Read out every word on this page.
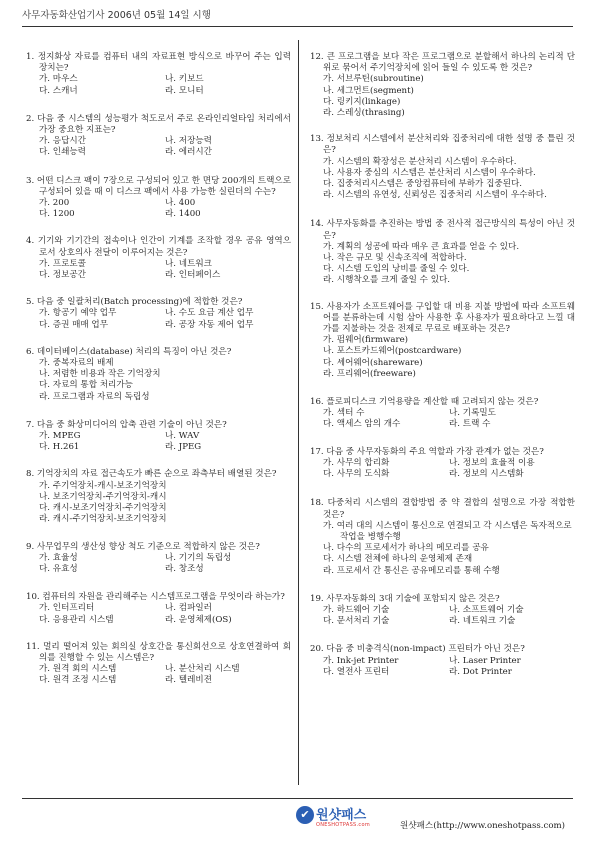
사무자동화산업기사 2006년 05월 14일 시행
1. 정지화상 자료를 컴퓨터 내의 자료표현 방식으로 바꾸어 주는 입력장치는?
가. 마우스	나. 키보드
다. 스캐너	라. 모니터
2. 다음 중 시스템의 성능평가 척도로서 주로 온라인리얼타임 처리에서 가장 중요한 지표는?
가. 응답시간	나. 저장능력
다. 인쇄능력	라. 에러시간
3. 어떤 디스크 팩이 7장으로 구성되어 있고 한 면당 200개의 트랙으로 구성되어 있을 때 이 디스크 팩에서 사용 가능한 실린더의 수는?
가. 200	나. 400
다. 1200	라. 1400
4. 기기와 기기간의 접속이나 인간이 기계를 조작할 경우 공유 영역으로서 상호의사 전달이 이루어지는 것은?
가. 프로토콜	나. 네트워크
다. 정보공간	라. 인터페이스
5. 다음 중 일괄처리(Batch processing)에 적합한 것은?
가. 항공기 예약 업무	나. 수도 요금 계산 업무
다. 증권 매매 업무	라. 공장 자동 제어 업무
6. 데이터베이스(database) 처리의 특징이 아닌 것은?
가. 중복자료의 배제
나. 저렴한 비용과 작은 기억장치
다. 자료의 통합 처리가능
라. 프로그램과 자료의 독립성
7. 다음 중 화상미디어의 압축 관련 기술이 아닌 것은?
가. MPEG	나. WAV
다. H.261	라. JPEG
8. 기억장치의 자료 접근속도가 빠른 순으로 좌측부터 배열된 것은?
가. 주기억장치-캐시-보조기억장치
나. 보조기억장치-주기억장치-캐시
다. 캐시-보조기억장치-주기억장치
라. 캐시-주기억장치-보조기억장치
9. 사무업무의 생산성 향상 척도 기준으로 적합하지 않은 것은?
가. 효율성	나. 기기의 독립성
다. 유효성	라. 창조성
10. 컴퓨터의 자원을 관리해주는 시스템프로그램을 무엇이라 하는가?
가. 인터프리터	나. 컴파일러
다. 응용관리 시스템	라. 운영체제(OS)
11. 멀리 떨어져 있는 회의실 상호간을 통신회선으로 상호연결하여 회의를 진행할 수 있는 시스템은?
가. 원격 회의 시스템	나. 분산처리 시스템
다. 원격 조정 시스템	라. 텔레비젼
12. 큰 프로그램을 보다 작은 프로그램으로 분할해서 하나의 논리적 단위로 묶어서 주기억장치에 읽어 들일 수 있도록 한 것은?
가. 서브루틴(subroutine)
나. 세그먼트(segment)
다. 링키지(linkage)
라. 스레싱(thrasing)
13. 정보처리 시스템에서 분산처리와 집중처리에 대한 설명 중 틀린 것은?
가. 시스템의 확장성은 분산처리 시스템이 우수하다.
나. 사용자 중심의 시스템은 분산처리 시스템이 우수하다.
다. 집중처리시스템은 중앙컴퓨터에 부하가 집중된다.
라. 시스템의 유연성, 신뢰성은 집중처리 시스템이 우수하다.
14. 사무자동화를 추진하는 방법 중 전사적 접근방식의 특성이 아닌 것은?
가. 계획의 성공에 따라 매우 큰 효과를 얻을 수 있다.
나. 작은 규모 및 신속조직에 적합하다.
다. 시스템 도입의 낭비를 줄일 수 있다.
라. 시행착오를 크게 줄일 수 있다.
15. 사용자가 소프트웨어를 구입할 대 비용 지불 방법에 따라 소프트웨어를 분류하는데 시험 삼아 사용한 후 사용자가 필요하다고 느낄 대가를 지불하는 것을 전제로 무료로 배포하는 것은?
가. 펌웨어(firmware)
나. 포스트카드웨어(postcardware)
다. 셰어웨어(shareware)
라. 프리웨어(freeware)
16. 플로피디스크 기억용량을 계산할 때 고려되지 않는 것은?
가. 섹터 수	나. 기록밀도
다. 액세스 암의 개수	라. 트랙 수
17. 다음 중 사무자동화의 주요 역할과 가장 관계가 없는 것은?
가. 사무의 합리화	나. 정보의 효율적 이용
다. 사무의 도식화	라. 정보의 시스템화
18. 다중처리 시스템의 결합방법 중 약 결합의 설명으로 가장 적합한 것은?
가. 여러 대의 시스템이 통신으로 연결되고 각 시스템은 독자적으로 작업을 병행수행
나. 다수의 프로세서가 하나의 메모리를 공유
다. 시스템 전체에 하나의 운영체제 존재
라. 프로세서 간 통신은 공유메모리를 통해 수행
19. 사무자동화의 3대 기술에 포함되지 않은 것은?
가. 하드웨어 기술	나. 소프트웨어 기술
다. 문서처리 기술	라. 네트워크 기술
20. 다음 중 비충격식(non-impact) 프린터가 아닌 것은?
가. Ink-jet Printer	나. Laser Printer
다. 열전사 프린터	라. Dot Printer
✔ 원샷패스
ONESHOTPASS.com	원샷패스(http://www.oneshotpass.com)
